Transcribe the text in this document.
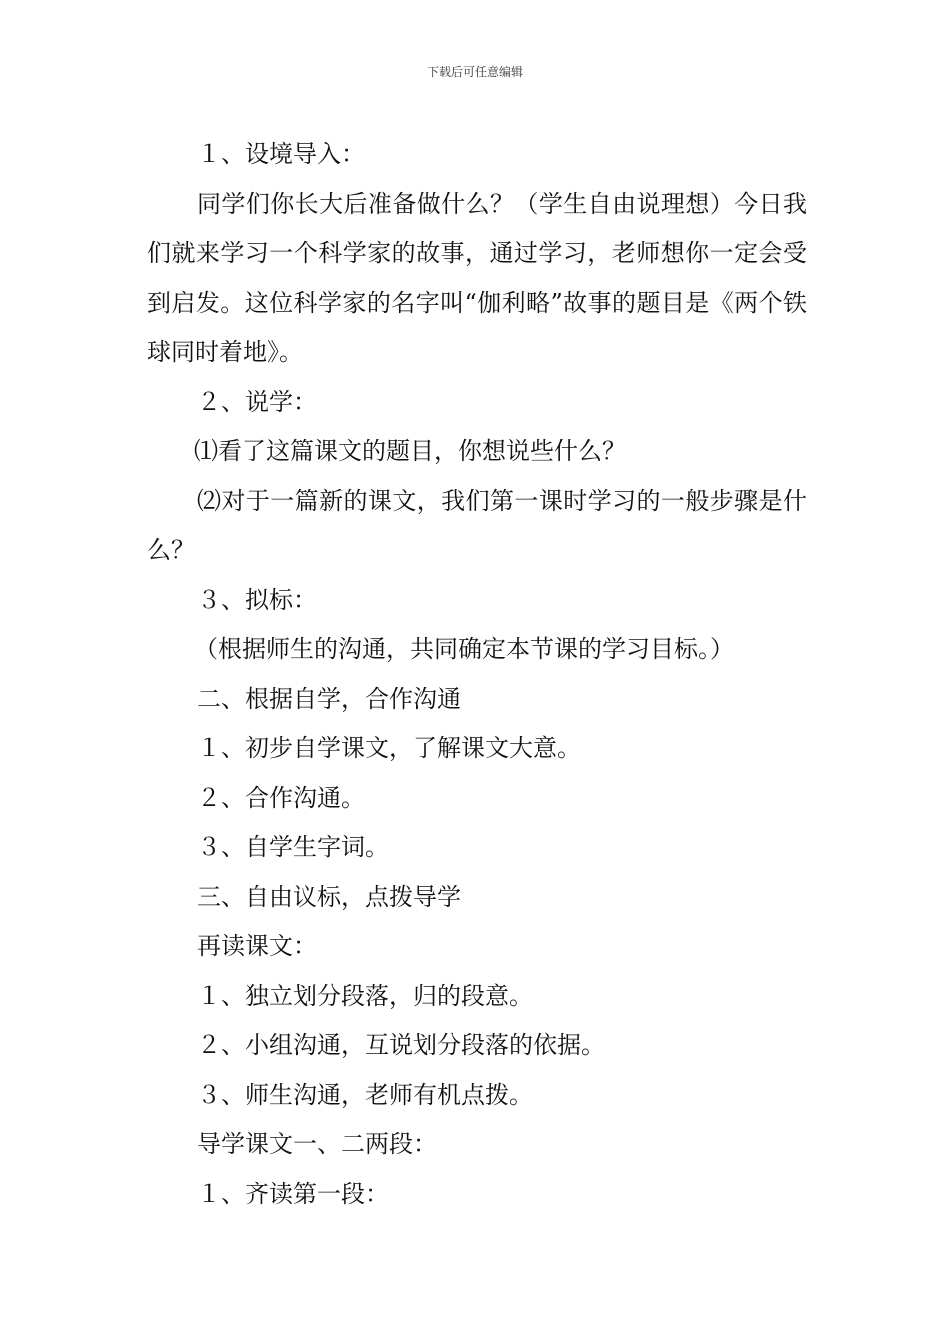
下载后可任意编辑

１、设境导入：

同学们你长大后准备做什么？（学生自由说理想）今日我们就来学习一个科学家的故事，通过学习，老师想你一定会受到启发。这位科学家的名字叫“伽利略”故事的题目是《两个铁球同时着地》。

２、说学：

⑴看了这篇课文的题目，你想说些什么？

⑵对于一篇新的课文，我们第一课时学习的一般步骤是什么？

３、拟标：

（根据师生的沟通，共同确定本节课的学习目标。）

二、根据自学，合作沟通

１、初步自学课文，了解课文大意。

２、合作沟通。

３、自学生字词。

三、自由议标，点拨导学

再读课文：

１、独立划分段落，归的段意。

２、小组沟通，互说划分段落的依据。

３、师生沟通，老师有机点拨。

导学课文一、二两段：

１、齐读第一段：
